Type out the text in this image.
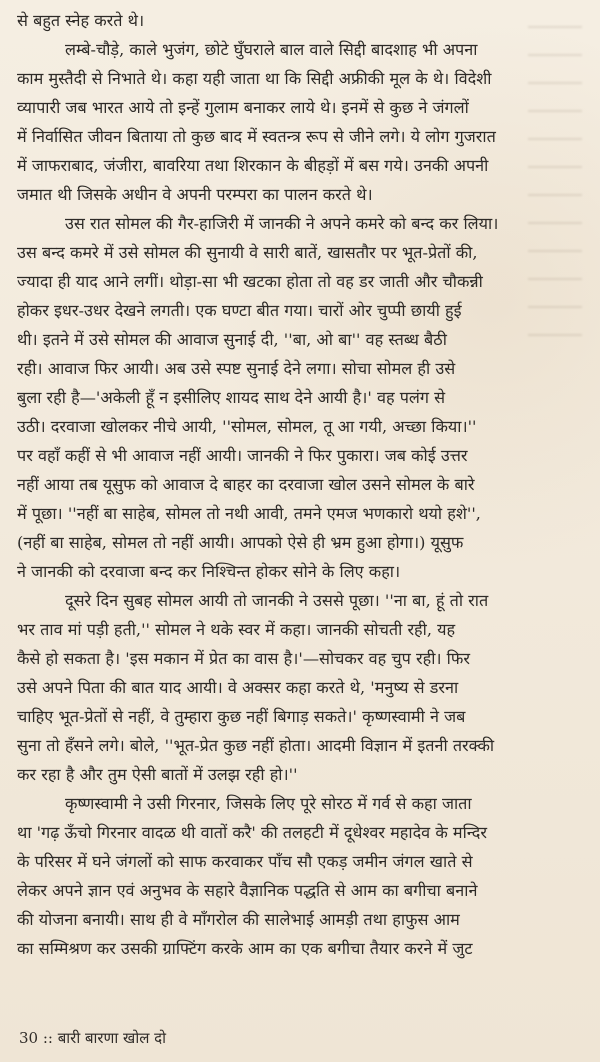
से बहुत स्नेह करते थे।
लम्बे-चौड़े, काले भुजंग, छोटे घुँघराले बाल वाले सिद्दी बादशाह भी अपना
काम मुस्तैदी से निभाते थे। कहा यही जाता था कि सिद्दी अफ्रीकी मूल के थे। विदेशी
व्यापारी जब भारत आये तो इन्हें गुलाम बनाकर लाये थे। इनमें से कुछ ने जंगलों
में निर्वासित जीवन बिताया तो कुछ बाद में स्वतन्त्र रूप से जीने लगे। ये लोग गुजरात
में जाफराबाद, जंजीरा, बावरिया तथा शिरकान के बीहड़ों में बस गये। उनकी अपनी
जमात थी जिसके अधीन वे अपनी परम्परा का पालन करते थे।
उस रात सोमल की गैर-हाजिरी में जानकी ने अपने कमरे को बन्द कर लिया।
उस बन्द कमरे में उसे सोमल की सुनायी वे सारी बातें, खासतौर पर भूत-प्रेतों की,
ज्यादा ही याद आने लगीं। थोड़ा-सा भी खटका होता तो वह डर जाती और चौकन्नी
होकर इधर-उधर देखने लगती। एक घण्टा बीत गया। चारों ओर चुप्पी छायी हुई
थी। इतने में उसे सोमल की आवाज सुनाई दी, ''बा, ओ बा'' वह स्तब्ध बैठी
रही। आवाज फिर आयी। अब उसे स्पष्ट सुनाई देने लगा। सोचा सोमल ही उसे
बुला रही है—'अकेली हूँ न इसीलिए शायद साथ देने आयी है।' वह पलंग से
उठी। दरवाजा खोलकर नीचे आयी, ''सोमल, सोमल, तू आ गयी, अच्छा किया।''
पर वहाँ कहीं से भी आवाज नहीं आयी। जानकी ने फिर पुकारा। जब कोई उत्तर
नहीं आया तब यूसुफ को आवाज दे बाहर का दरवाजा खोल उसने सोमल के बारे
में पूछा। ''नहीं बा साहेब, सोमल तो नथी आवी, तमने एमज भणकारो थयो हशे'',
(नहीं बा साहेब, सोमल तो नहीं आयी। आपको ऐसे ही भ्रम हुआ होगा।) यूसुफ
ने जानकी को दरवाजा बन्द कर निश्चिन्त होकर सोने के लिए कहा।
दूसरे दिन सुबह सोमल आयी तो जानकी ने उससे पूछा। ''ना बा, हूं तो रात
भर ताव मां पड़ी हती,'' सोमल ने थके स्वर में कहा। जानकी सोचती रही, यह
कैसे हो सकता है। 'इस मकान में प्रेत का वास है।'—सोचकर वह चुप रही। फिर
उसे अपने पिता की बात याद आयी। वे अक्सर कहा करते थे, 'मनुष्य से डरना
चाहिए भूत-प्रेतों से नहीं, वे तुम्हारा कुछ नहीं बिगाड़ सकते।' कृष्णस्वामी ने जब
सुना तो हँसने लगे। बोले, ''भूत-प्रेत कुछ नहीं होता। आदमी विज्ञान में इतनी तरक्की
कर रहा है और तुम ऐसी बातों में उलझ रही हो।''
कृष्णस्वामी ने उसी गिरनार, जिसके लिए पूरे सोरठ में गर्व से कहा जाता
था 'गढ़ ऊँचो गिरनार वादळ थी वातों करै' की तलहटी में दूधेश्वर महादेव के मन्दिर
के परिसर में घने जंगलों को साफ करवाकर पाँच सौ एकड़ जमीन जंगल खाते से
लेकर अपने ज्ञान एवं अनुभव के सहारे वैज्ञानिक पद्धति से आम का बगीचा बनाने
की योजना बनायी। साथ ही वे माँगरोल की सालेभाई आमड़ी तथा हाफुस आम
का सम्मिश्रण कर उसकी ग्राफ्टिंग करके आम का एक बगीचा तैयार करने में जुट
30 :: बारी बारणा खोल दो
